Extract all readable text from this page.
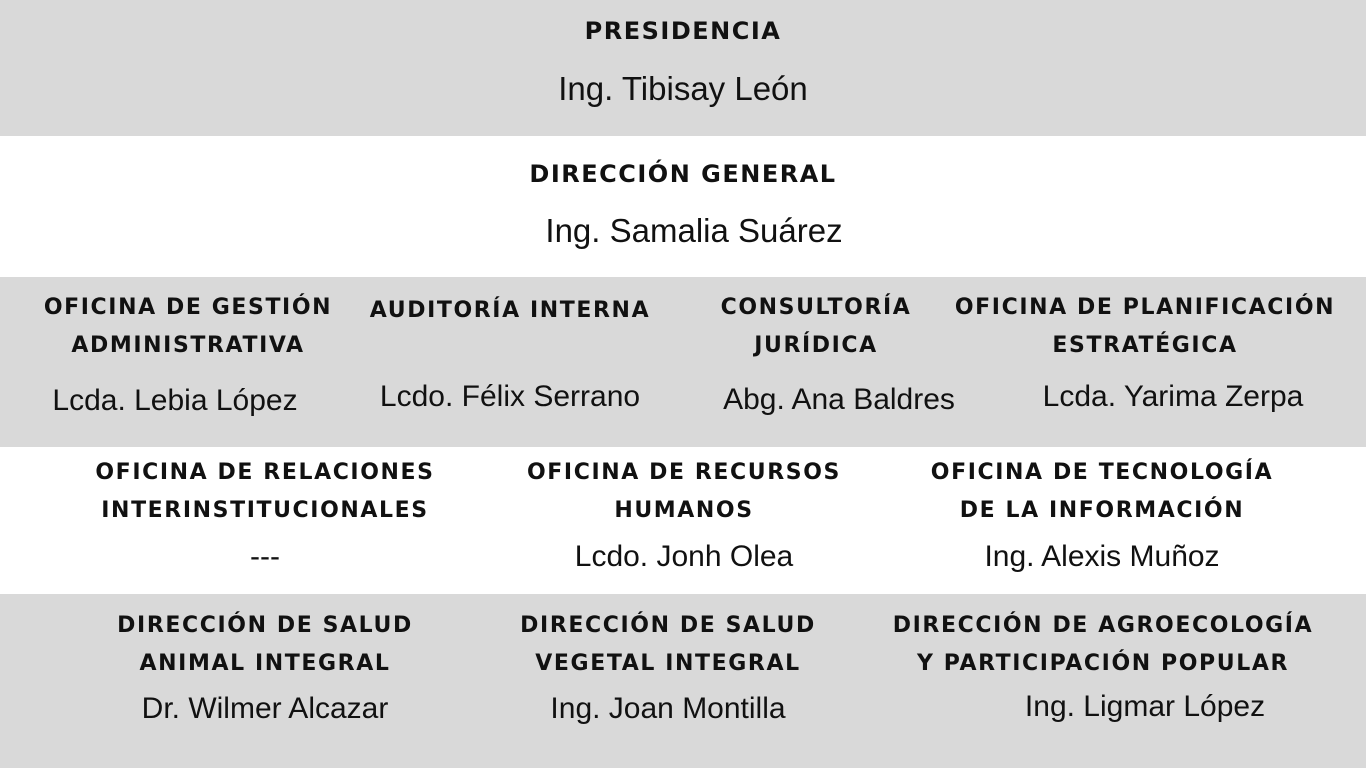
PRESIDENCIA
Ing. Tibisay León
DIRECCIÓN GENERAL
Ing. Samalia Suárez
OFICINA DE GESTIÓN
ADMINISTRATIVA
Lcda. Lebia López
AUDITORÍA INTERNA
Lcdo. Félix Serrano
CONSULTORÍA
JURÍDICA
Abg. Ana Baldres
OFICINA DE PLANIFICACIÓN
ESTRATÉGICA
Lcda. Yarima Zerpa
OFICINA DE RELACIONES
INTERINSTITUCIONALES
---
OFICINA DE RECURSOS
HUMANOS
Lcdo. Jonh Olea
OFICINA DE TECNOLOGÍA
DE LA INFORMACIÓN
Ing. Alexis Muñoz
DIRECCIÓN DE SALUD
ANIMAL INTEGRAL
Dr. Wilmer Alcazar
DIRECCIÓN DE SALUD
VEGETAL INTEGRAL
Ing. Joan Montilla
DIRECCIÓN DE AGROECOLOGÍA
Y PARTICIPACIÓN POPULAR
Ing. Ligmar López
